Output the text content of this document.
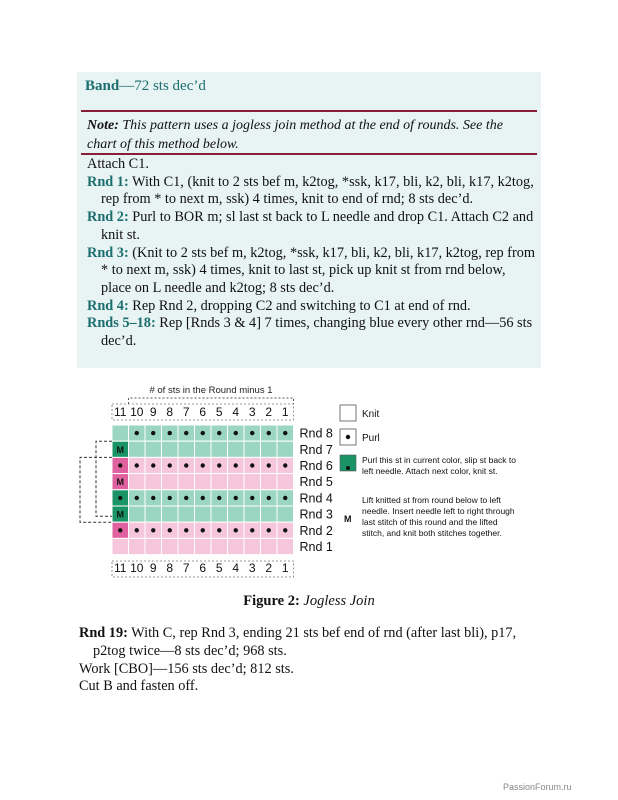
Band—72 sts dec’d
Note: This pattern uses a jogless join method at the end of rounds. See the chart of this method below.

Attach C1.

Rnd 1: With C1, (knit to 2 sts bef m, k2tog, *ssk, k17, bli, k2, bli, k17, k2tog, rep from * to next m, ssk) 4 times, knit to end of rnd; 8 sts dec’d.

Rnd 2: Purl to BOR m; sl last st back to L needle and drop C1. Attach C2 and knit st.

Rnd 3: (Knit to 2 sts bef m, k2tog, *ssk, k17, bli, k2, bli, k17, k2tog, rep from * to next m, ssk) 4 times, knit to last st, pick up knit st from rnd below, place on L needle and k2tog; 8 sts dec’d.

Rnd 4: Rep Rnd 2, dropping C2 and switching to C1 at end of rnd.

Rnds 5–18: Rep [Rnds 3 & 4] 7 times, changing blue every other rnd—56 sts dec’d.

# of sts in the Round minus 1
11
11
10
10
9
9
8
8
7
7
6
6
5
5
4
4
3
3
2
2
1
1
Rnd 8
M	Rnd 7
Rnd 6
M	Rnd 5
Rnd 4
M	Rnd 3
Rnd 2
Rnd 1
Knit
Purl
Purl this st in current color, slip st back to
left needle. Attach next color, knit st.
M
Lift knitted st from round below to left
needle. Insert needle left to right through
last stitch of this round and the lifted
stitch, and knit both stitches together.
Figure 2: Jogless Join

Rnd 19: With C, rep Rnd 3, ending 21 sts bef end of rnd (after last bli), p17, p2tog twice—8 sts dec’d; 968 sts.

Work [CBO]—156 sts dec’d; 812 sts.

Cut B and fasten off.

PassionForum.ru
